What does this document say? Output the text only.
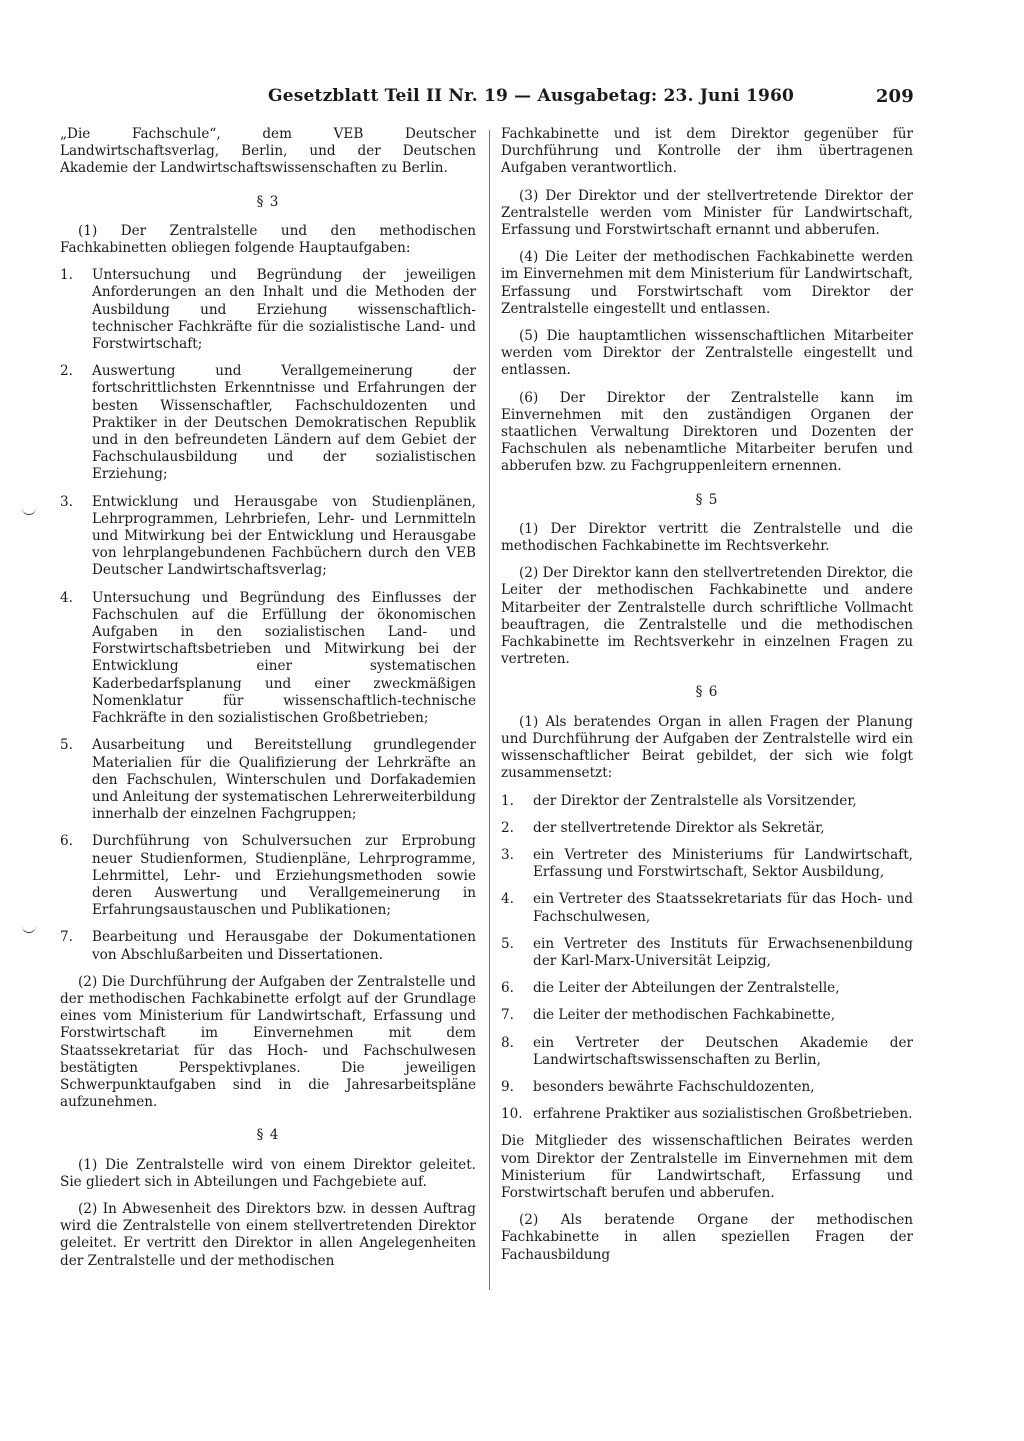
Gesetzblatt Teil II Nr. 19 — Ausgabetag: 23. Juni 1960	209

„Die Fachschule“, dem VEB Deutscher Landwirtschaftsverlag, Berlin, und der Deutschen Akademie der Landwirtschaftswissenschaften zu Berlin.

§ 3

(1) Der Zentralstelle und den methodischen Fachkabinetten obliegen folgende Hauptaufgaben:

1.	Untersuchung und Begründung der jeweiligen Anforderungen an den Inhalt und die Methoden der Ausbildung und Erziehung wissenschaftlich-technischer Fachkräfte für die sozialistische Land- und Forstwirtschaft;
2.	Auswertung und Verallgemeinerung der fortschrittlichsten Erkenntnisse und Erfahrungen der besten Wissenschaftler, Fachschuldozenten und Praktiker in der Deutschen Demokratischen Republik und in den befreundeten Ländern auf dem Gebiet der Fachschulausbildung und der sozialistischen Erziehung;
3.	Entwicklung und Herausgabe von Studienplänen, Lehrprogrammen, Lehrbriefen, Lehr- und Lernmitteln und Mitwirkung bei der Entwicklung und Herausgabe von lehrplangebundenen Fachbüchern durch den VEB Deutscher Landwirtschaftsverlag;
4.	Untersuchung und Begründung des Einflusses der Fachschulen auf die Erfüllung der ökonomischen Aufgaben in den sozialistischen Land- und Forstwirtschaftsbetrieben und Mitwirkung bei der Entwicklung einer systematischen Kaderbedarfsplanung und einer zweckmäßigen Nomenklatur für wissenschaftlich-technische Fachkräfte in den sozialistischen Großbetrieben;
5.	Ausarbeitung und Bereitstellung grundlegender Materialien für die Qualifizierung der Lehrkräfte an den Fachschulen, Winterschulen und Dorfakademien und Anleitung der systematischen Lehrerweiterbildung innerhalb der einzelnen Fachgruppen;
6.	Durchführung von Schulversuchen zur Erprobung neuer Studienformen, Studienpläne, Lehrprogramme, Lehrmittel, Lehr- und Erziehungsmethoden sowie deren Auswertung und Verallgemeinerung in Erfahrungsaustauschen und Publikationen;
7.	Bearbeitung und Herausgabe der Dokumentationen von Abschlußarbeiten und Dissertationen.

(2) Die Durchführung der Aufgaben der Zentralstelle und der methodischen Fachkabinette erfolgt auf der Grundlage eines vom Ministerium für Landwirtschaft, Erfassung und Forstwirtschaft im Einvernehmen mit dem Staatssekretariat für das Hoch- und Fachschulwesen bestätigten Perspektivplanes. Die jeweiligen Schwerpunktaufgaben sind in die Jahresarbeitspläne aufzunehmen.

§ 4

(1) Die Zentralstelle wird von einem Direktor geleitet. Sie gliedert sich in Abteilungen und Fachgebiete auf.

(2) In Abwesenheit des Direktors bzw. in dessen Auftrag wird die Zentralstelle von einem stellvertretenden Direktor geleitet. Er vertritt den Direktor in allen Angelegenheiten der Zentralstelle und der methodischen

Fachkabinette und ist dem Direktor gegenüber für Durchführung und Kontrolle der ihm übertragenen Aufgaben verantwortlich.

(3) Der Direktor und der stellvertretende Direktor der Zentralstelle werden vom Minister für Landwirtschaft, Erfassung und Forstwirtschaft ernannt und abberufen.

(4) Die Leiter der methodischen Fachkabinette werden im Einvernehmen mit dem Ministerium für Landwirtschaft, Erfassung und Forstwirtschaft vom Direktor der Zentralstelle eingestellt und entlassen.

(5) Die hauptamtlichen wissenschaftlichen Mitarbeiter werden vom Direktor der Zentralstelle eingestellt und entlassen.

(6) Der Direktor der Zentralstelle kann im Einvernehmen mit den zuständigen Organen der staatlichen Verwaltung Direktoren und Dozenten der Fachschulen als nebenamtliche Mitarbeiter berufen und abberufen bzw. zu Fachgruppenleitern ernennen.

§ 5

(1) Der Direktor vertritt die Zentralstelle und die methodischen Fachkabinette im Rechtsverkehr.

(2) Der Direktor kann den stellvertretenden Direktor, die Leiter der methodischen Fachkabinette und andere Mitarbeiter der Zentralstelle durch schriftliche Vollmacht beauftragen, die Zentralstelle und die methodischen Fachkabinette im Rechtsverkehr in einzelnen Fragen zu vertreten.

§ 6

(1) Als beratendes Organ in allen Fragen der Planung und Durchführung der Aufgaben der Zentralstelle wird ein wissenschaftlicher Beirat gebildet, der sich wie folgt zusammensetzt:

1.	der Direktor der Zentralstelle als Vorsitzender,
2.	der stellvertretende Direktor als Sekretär,
3.	ein Vertreter des Ministeriums für Landwirtschaft, Erfassung und Forstwirtschaft, Sektor Ausbildung,
4.	ein Vertreter des Staatssekretariats für das Hoch- und Fachschulwesen,
5.	ein Vertreter des Instituts für Erwachsenenbildung der Karl-Marx-Universität Leipzig,
6.	die Leiter der Abteilungen der Zentralstelle,
7.	die Leiter der methodischen Fachkabinette,
8.	ein Vertreter der Deutschen Akademie der Landwirtschaftswissenschaften zu Berlin,
9.	besonders bewährte Fachschuldozenten,
10. erfahrene Praktiker aus sozialistischen Großbetrieben.

Die Mitglieder des wissenschaftlichen Beirates werden vom Direktor der Zentralstelle im Einvernehmen mit dem Ministerium für Landwirtschaft, Erfassung und Forstwirtschaft berufen und abberufen.

(2) Als beratende Organe der methodischen Fachkabinette in allen speziellen Fragen der Fachausbildung
